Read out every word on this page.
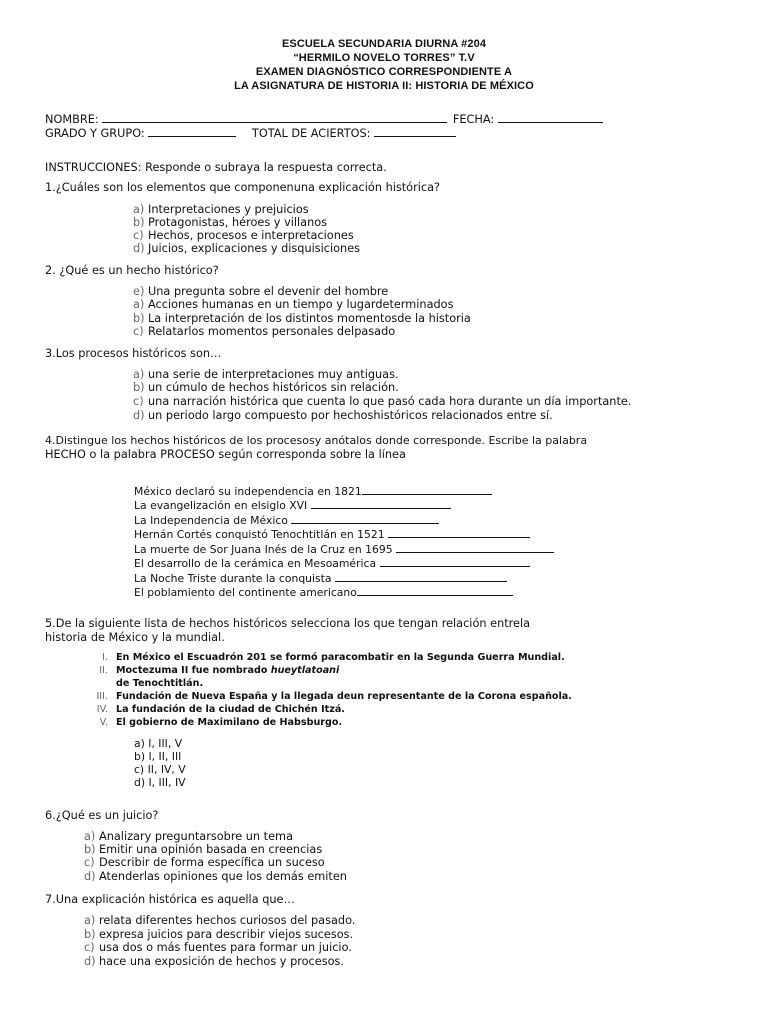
ESCUELA SECUNDARIA DIURNA #204
“HERMILO NOVELO TORRES” T.V
EXAMEN DIAGNÓSTICO CORRESPONDIENTE A
LA ASIGNATURA DE HISTORIA II: HISTORIA DE MÉXICO
NOMBRE:	FECHA:
GRADO Y GRUPO:	TOTAL DE ACIERTOS:
INSTRUCCIONES: Responde o subraya la respuesta correcta.
1.¿Cuáles son los elementos que componenuna explicación histórica?
a) Interpretaciones y prejuicios
b) Protagonistas, héroes y villanos
c) Hechos, procesos e interpretaciones
d) Juicios, explicaciones y disquisiciones
2. ¿Qué es un hecho histórico?
e) Una pregunta sobre el devenir del hombre
a) Acciones humanas en un tiempo y lugardeterminados
b) La interpretación de los distintos momentosde la historia
c) Relatarlos momentos personales delpasado
3.Los procesos históricos son…
a) una serie de interpretaciones muy antiguas.
b) un cúmulo de hechos históricos sin relación.
c) una narración histórica que cuenta lo que pasó cada hora durante un día importante.
d) un periodo largo compuesto por hechoshistóricos relacionados entre sí.
4.Distingue los hechos históricos de los procesosy anótalos donde corresponde. Escribe la palabra
HECHO o la palabra PROCESO según corresponda sobre la línea
México declaró su independencia en 1821
La evangelización en elsiglo XVI
La Independencia de México
Hernán Cortés conquistó Tenochtitlán en 1521
La muerte de Sor Juana Inés de la Cruz en 1695
El desarrollo de la cerámica en Mesoamérica
La Noche Triste durante la conquista
El poblamiento del continente americano
5.De la siguiente lista de hechos históricos selecciona los que tengan relación entrela
historia de México y la mundial.
I. En México el Escuadrón 201 se formó paracombatir en la Segunda Guerra Mundial.
II. Moctezuma II fue nombrado hueytlatoani
de Tenochtitlán.
III. Fundación de Nueva España y la llegada deun representante de la Corona española.
IV. La fundación de la ciudad de Chichén Itzá.
V. El gobierno de Maximilano de Habsburgo.
a) I, III, V
b) I, II, III
c) II, IV, V
d) I, III, IV
6.¿Qué es un juicio?
a) Analizary preguntarsobre un tema
b) Emitir una opinión basada en creencias
c) Describir de forma específica un suceso
d) Atenderlas opiniones que los demás emiten
7.Una explicación histórica es aquella que…
a) relata diferentes hechos curiosos del pasado.
b) expresa juicios para describir viejos sucesos.
c) usa dos o más fuentes para formar un juicio.
d) hace una exposición de hechos y procesos.
